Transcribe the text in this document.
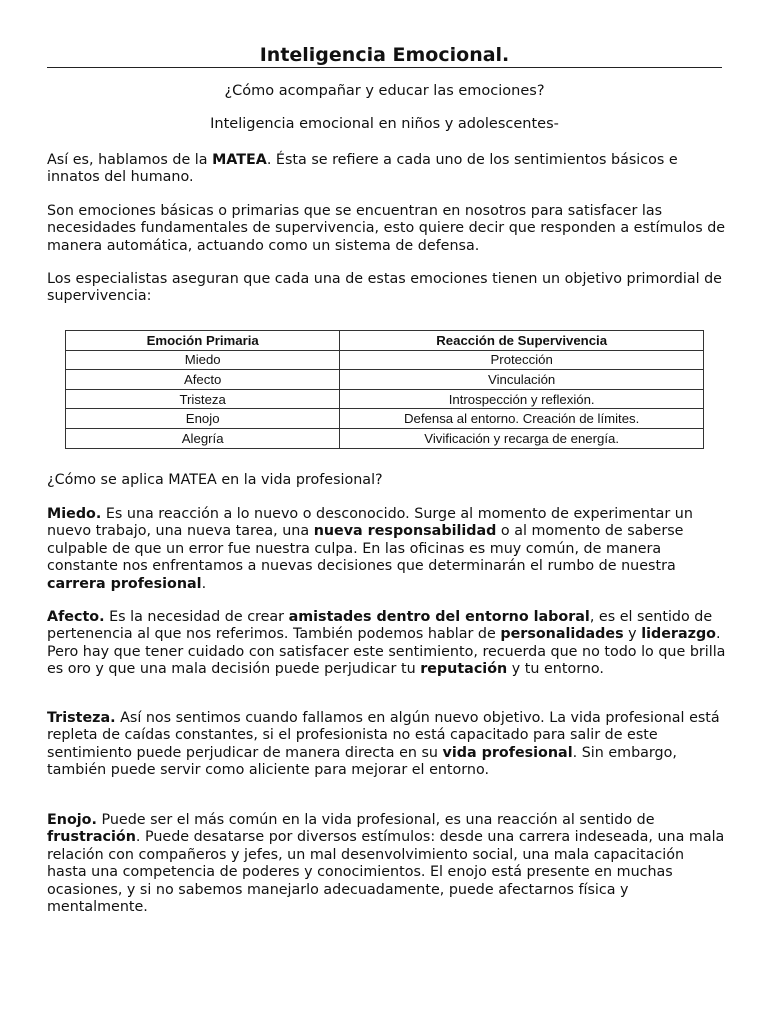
Inteligencia Emocional.
¿Cómo acompañar y educar las emociones?
Inteligencia emocional en niños y adolescentes-

Así es, hablamos de la MATEA. Ésta se refiere a cada uno de los sentimientos básicos e innatos del humano.

Son emociones básicas o primarias que se encuentran en nosotros para satisfacer las necesidades fundamentales de supervivencia, esto quiere decir que responden a estímulos de manera automática, actuando como un sistema de defensa.

Los especialistas aseguran que cada una de estas emociones tienen un objetivo primordial de supervivencia:

Emoción Primaria	Reacción de Supervivencia
Miedo	Protección
Afecto	Vinculación
Tristeza	Introspección y reflexión.
Enojo	Defensa al entorno. Creación de límites.
Alegría	Vivificación y recarga de energía.

¿Cómo se aplica MATEA en la vida profesional?

Miedo. Es una reacción a lo nuevo o desconocido. Surge al momento de experimentar un nuevo trabajo, una nueva tarea, una nueva responsabilidad o al momento de saberse culpable de que un error fue nuestra culpa. En las oficinas es muy común, de manera constante nos enfrentamos a nuevas decisiones que determinarán el rumbo de nuestra carrera profesional.

Afecto. Es la necesidad de crear amistades dentro del entorno laboral, es el sentido de pertenencia al que nos referimos. También podemos hablar de personalidades y liderazgo. Pero hay que tener cuidado con satisfacer este sentimiento, recuerda que no todo lo que brilla es oro y que una mala decisión puede perjudicar tu reputación y tu entorno.

Tristeza. Así nos sentimos cuando fallamos en algún nuevo objetivo. La vida profesional está repleta de caídas constantes, si el profesionista no está capacitado para salir de este sentimiento puede perjudicar de manera directa en su vida profesional. Sin embargo, también puede servir como aliciente para mejorar el entorno.

Enojo. Puede ser el más común en la vida profesional, es una reacción al sentido de frustración. Puede desatarse por diversos estímulos: desde una carrera indeseada, una mala relación con compañeros y jefes, un mal desenvolvimiento social, una mala capacitación hasta una competencia de poderes y conocimientos. El enojo está presente en muchas ocasiones, y si no sabemos manejarlo adecuadamente, puede afectarnos física y mentalmente.
